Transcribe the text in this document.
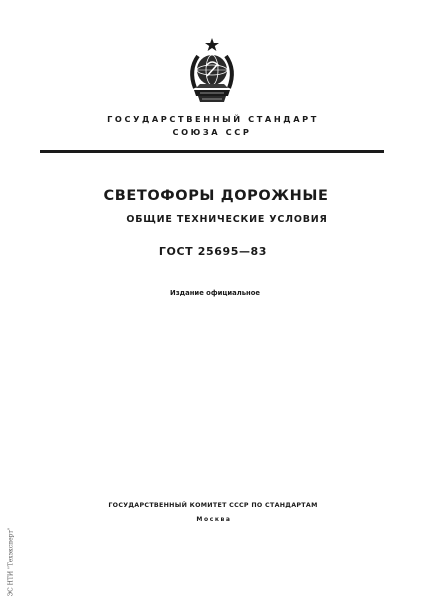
ГОСУДАРСТВЕННЫЙ СТАНДАРТ
СОЮЗА ССР
СВЕТОФОРЫ ДОРОЖНЫЕ
ОБЩИЕ ТЕХНИЧЕСКИЕ УСЛОВИЯ
ГОСТ 25695—83
Издание официальное
ГОСУДАРСТВЕННЫЙ КОМИТЕТ СССР ПО СТАНДАРТАМ
Москва
ЭС НТИ "Техэксперт"
